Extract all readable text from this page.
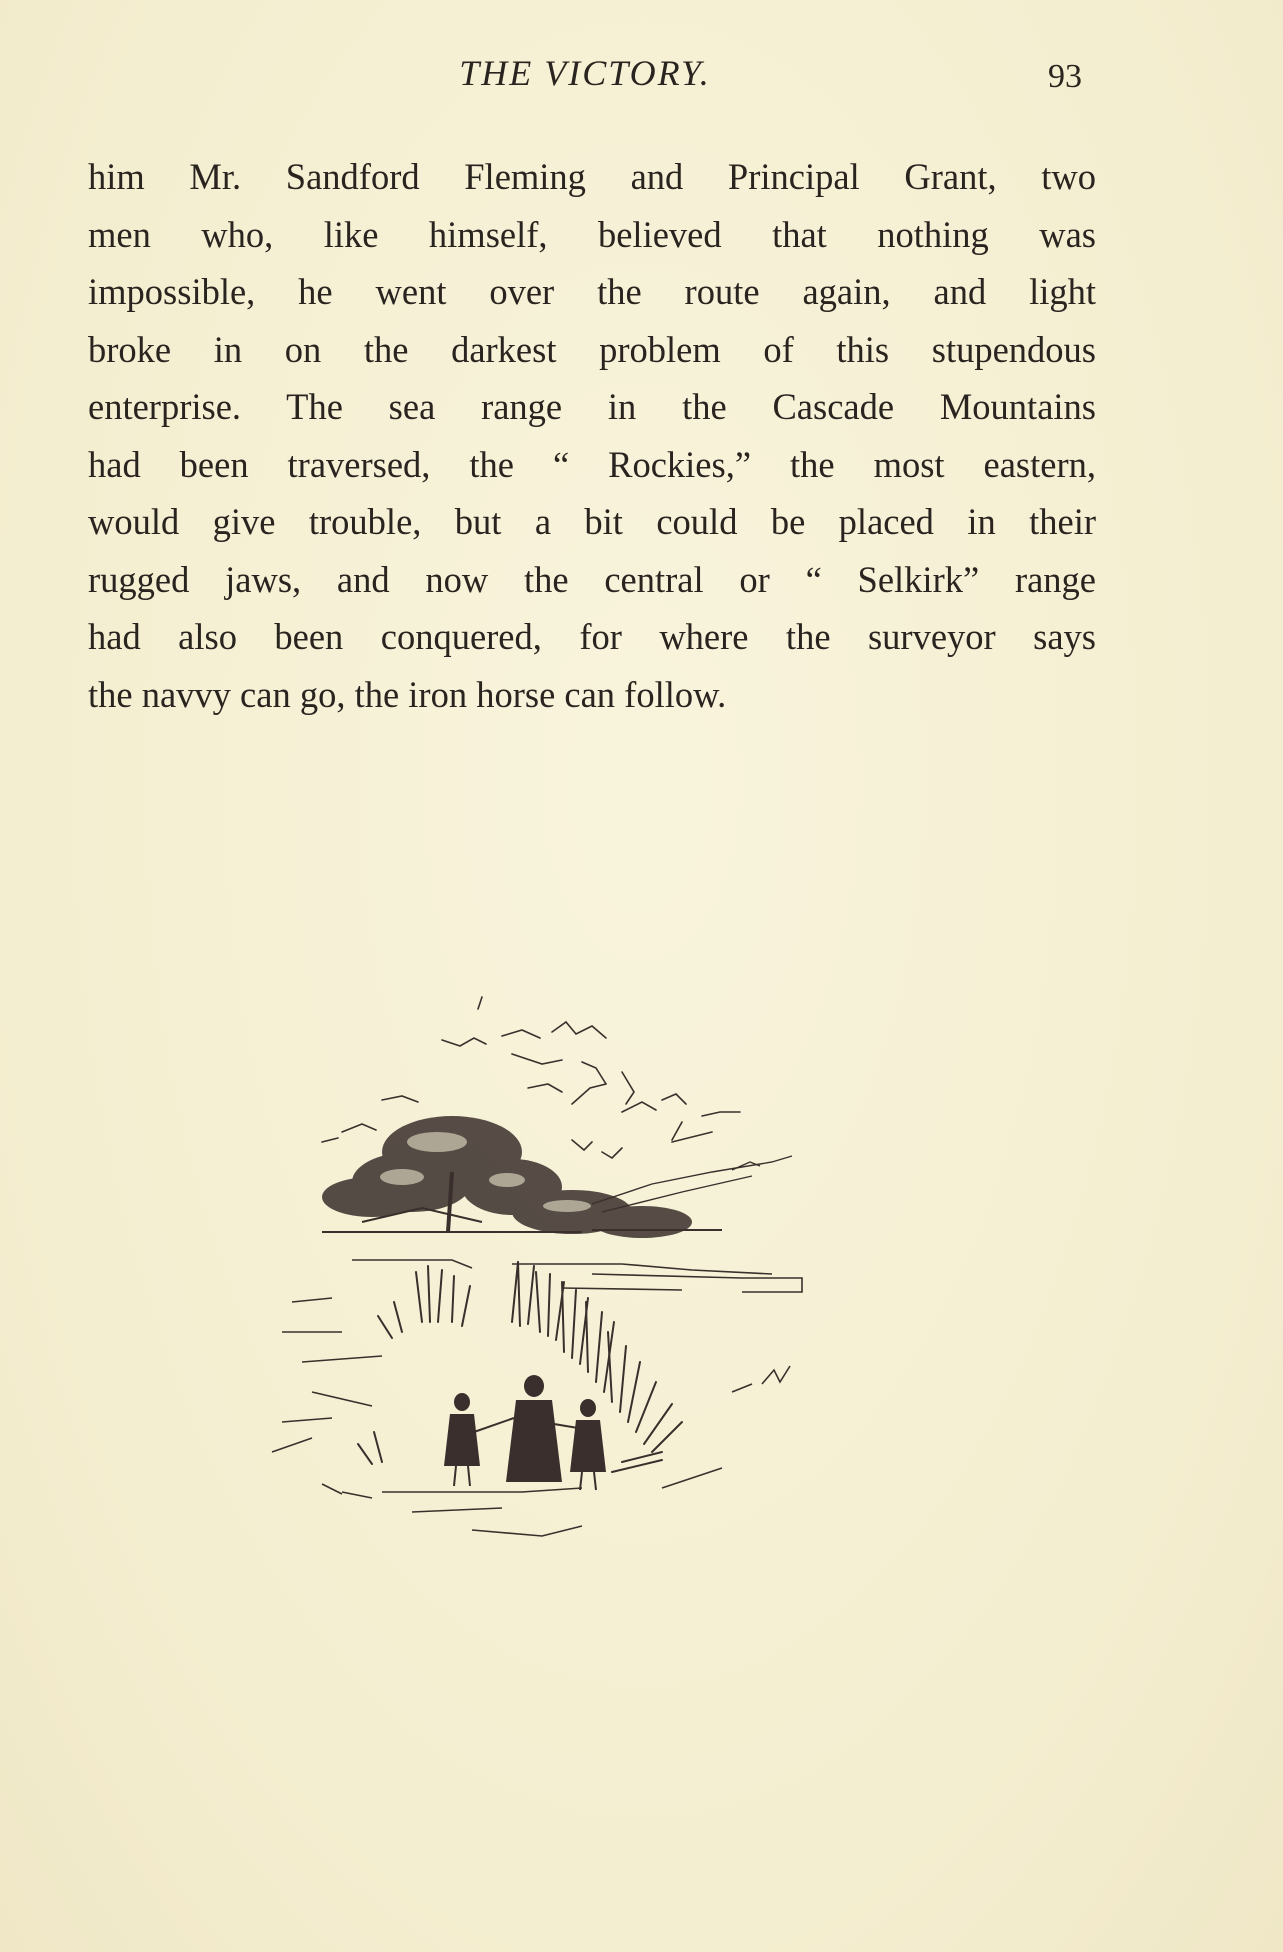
THE VICTORY.	93
him Mr. Sandford Fleming and Principal Grant, two
men who, like himself, believed that nothing was
impossible, he went over the route again, and light
broke in on the darkest problem of this stupendous
enterprise. The sea range in the Cascade Mountains
had been traversed, the “ Rockies,” the most eastern,
would give trouble, but a bit could be placed in their
rugged jaws, and now the central or “ Selkirk” range
had also been conquered, for where the surveyor says
the navvy can go, the iron horse can follow.
